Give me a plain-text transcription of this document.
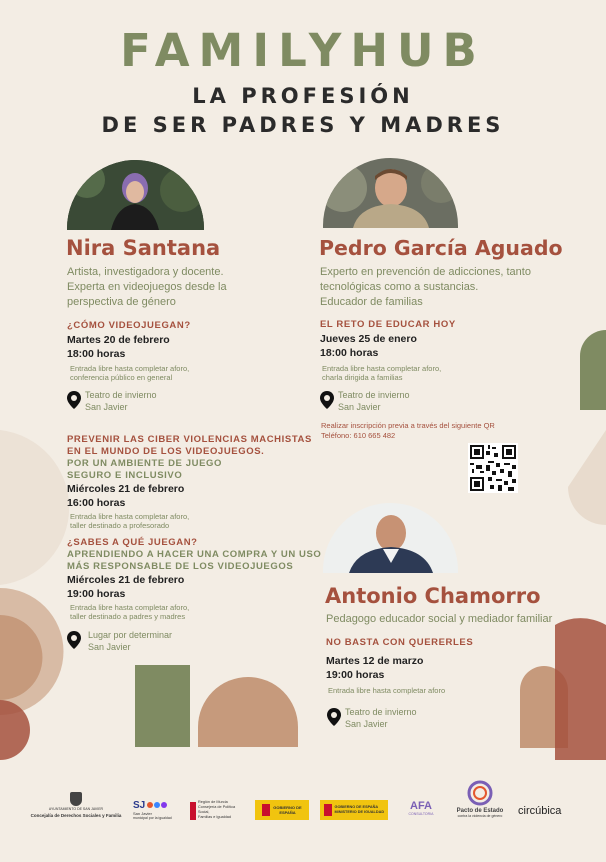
FAMILYHUB
LA PROFESIÓN
DE SER PADRES Y MADRES
Nira Santana
Artista, investigadora y docente.
Experta en videojuegos desde la
perspectiva de género
¿CÓMO VIDEOJUEGAN?
Martes 20 de febrero
18:00 horas
Entrada libre hasta completar aforo,
conferencia público en general
Teatro de invierno
San Javier
PREVENIR LAS CIBER VIOLENCIAS MACHISTAS
EN EL MUNDO DE LOS VIDEOJUEGOS.
POR UN AMBIENTE DE JUEGO
SEGURO E INCLUSIVO
Miércoles 21 de febrero
16:00 horas
Entrada libre hasta completar aforo,
taller destinado a profesorado
¿SABES A QUÉ JUEGAN?
APRENDIENDO A HACER UNA COMPRA Y UN USO
MÁS RESPONSABLE DE LOS VIDEOJUEGOS
Miércoles 21 de febrero
19:00 horas
Entrada libre hasta completar aforo,
taller destinado a padres y madres
Lugar por determinar
San Javier
Pedro García Aguado
Experto en prevención de adicciones, tanto
tecnológicas como a sustancias.
Educador de familias
EL RETO DE EDUCAR HOY
Jueves 25 de enero
18:00 horas
Entrada libre hasta completar aforo,
charla dirigida a familias
Teatro de invierno
San Javier
Realizar inscripción previa a través del siguiente QR
Teléfono: 610 665 482
Antonio Chamorro
Pedagogo educador social y mediador familiar
NO BASTA CON QUERERLES
Martes 12 de marzo
19:00 horas
Entrada libre hasta completar aforo
Teatro de invierno
San Javier
AYUNTAMIENTO DE SAN JAVIER
Concejalía de Derechos Sociales y Familia
SJ
San Javier
municipal por la igualdad
Región de Murcia
Consejería de Política Social,
Familias e Igualdad
GOBIERNO DE ESPAÑA
GOBIERNO DE ESPAÑA
MINISTERIO DE IGUALDAD	AFA
CONSULTORIA	Pacto de Estado
contra la violencia de género	circúbica
